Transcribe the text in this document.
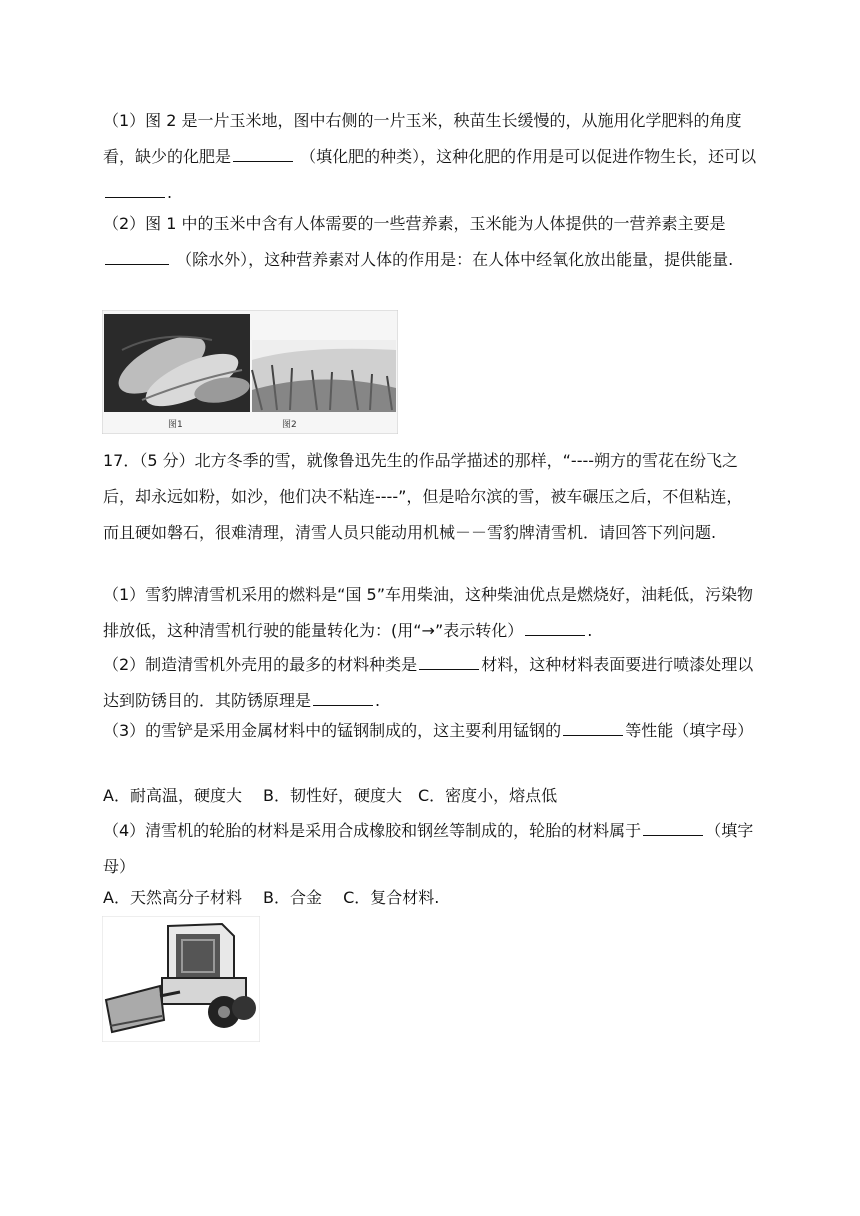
（1）图 2 是一片玉米地，图中右侧的一片玉米，秧苗生长缓慢的，从施用化学肥料的角度看，缺少的化肥是	（填化肥的种类），这种化肥的作用是可以促进作物生长，还可以.

（2）图 1 中的玉米中含有人体需要的一些营养素，玉米能为人体提供的一营养素主要是 （除水外），这种营养素对人体的作用是：在人体中经氧化放出能量，提供能量.

图1	图2

17．（5 分）北方冬季的雪，就像鲁迅先生的作品学描述的那样，“----朔方的雪花在纷飞之后，却永远如粉，如沙，他们决不粘连----”，但是哈尔滨的雪，被车碾压之后，不但粘连，而且硬如磐石，很难清理，清雪人员只能动用机械－－雪豹牌清雪机．请回答下列问题.

（1）雪豹牌清雪机采用的燃料是“国 5”车用柴油，这种柴油优点是燃烧好，油耗低，污染物排放低，这种清雪机行驶的能量转化为：(用“→”表示转化）	.

（2）制造清雪机外壳用的最多的材料种类是	材料，这种材料表面要进行喷漆处理以达到防锈目的．其防锈原理是	.

（3）的雪铲是采用金属材料中的锰钢制成的，这主要利用锰钢的	等性能（填字母）

A．耐高温，硬度大　 B．韧性好，硬度大　C．密度小，熔点低

（4）清雪机的轮胎的材料是采用合成橡胶和钢丝等制成的，轮胎的材料属于	（填字母）

A．天然高分子材料　 B．合金　 C．复合材料.
